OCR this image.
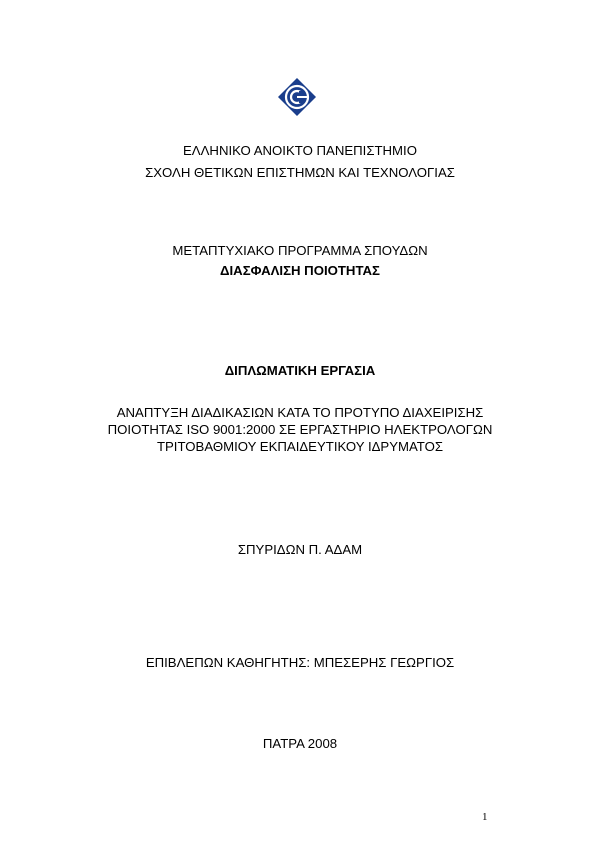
ΕΛΛΗΝΙΚΟ ΑΝΟΙΚΤΟ ΠΑΝΕΠΙΣΤΗΜΙΟ
ΣΧΟΛΗ ΘΕΤΙΚΩΝ ΕΠΙΣΤΗΜΩΝ ΚΑΙ ΤΕΧΝΟΛΟΓΙΑΣ
ΜΕΤΑΠΤΥΧΙΑΚΟ ΠΡΟΓΡΑΜΜΑ ΣΠΟΥΔΩΝ
ΔΙΑΣΦΑΛΙΣΗ ΠΟΙΟΤΗΤΑΣ
ΔΙΠΛΩΜΑΤΙΚΗ ΕΡΓΑΣΙΑ
ΑΝΑΠΤΥΞΗ ΔΙΑΔΙΚΑΣΙΩΝ ΚΑΤΑ ΤΟ ΠΡΟΤΥΠΟ ΔΙΑΧΕΙΡΙΣΗΣ
ΠΟΙΟΤΗΤΑΣ ISO 9001:2000 ΣΕ ΕΡΓΑΣΤΗΡΙΟ ΗΛΕΚΤΡΟΛΟΓΩΝ
ΤΡΙΤΟΒΑΘΜΙΟΥ ΕΚΠΑΙΔΕΥΤΙΚΟΥ ΙΔΡΥΜΑΤΟΣ
ΣΠΥΡΙΔΩΝ Π. ΑΔΑΜ
ΕΠΙΒΛΕΠΩΝ ΚΑΘΗΓΗΤΗΣ: ΜΠΕΣΕΡΗΣ ΓΕΩΡΓΙΟΣ
ΠΑΤΡΑ 2008
1
